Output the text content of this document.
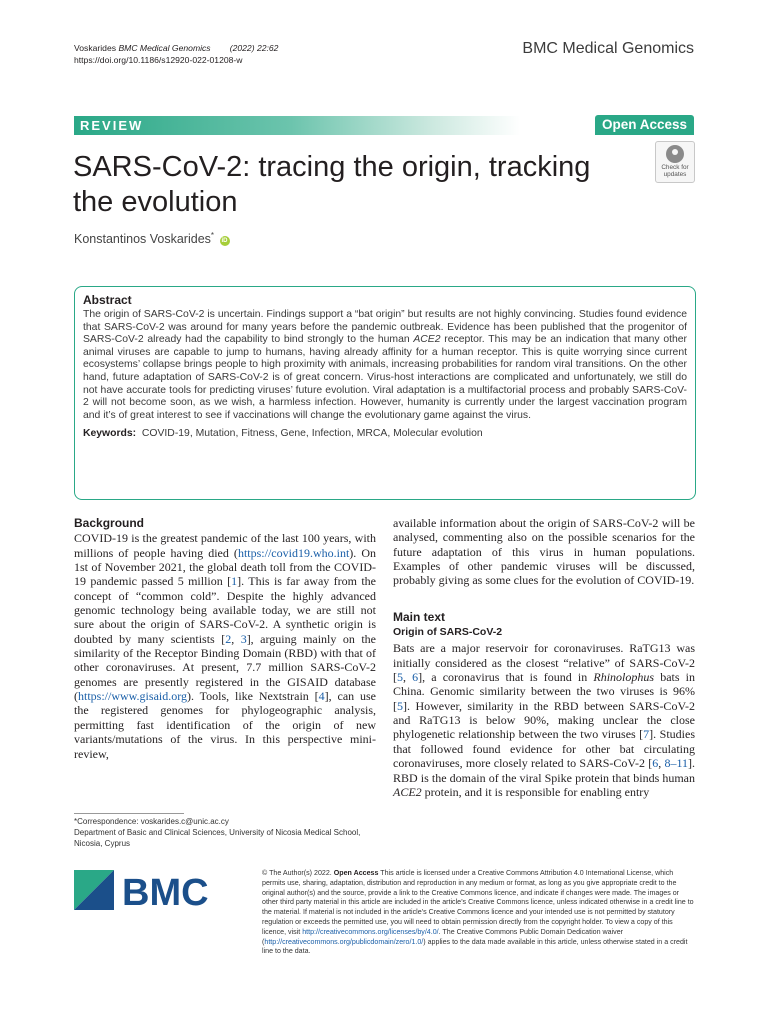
Voskarides BMC Medical Genomics (2022) 22:62
https://doi.org/10.1186/s12920-022-01208-w
BMC Medical Genomics
REVIEW	Open Access
SARS-CoV-2: tracing the origin, tracking the evolution
Check for
updates
Konstantinos Voskarides* iD
Abstract
The origin of SARS-CoV-2 is uncertain. Findings support a “bat origin” but results are not highly convincing. Studies found evidence that SARS-CoV-2 was around for many years before the pandemic outbreak. Evidence has been published that the progenitor of SARS-CoV-2 already had the capability to bind strongly to the human ACE2 receptor. This may be an indication that many other animal viruses are capable to jump to humans, having already affinity for a human receptor. This is quite worrying since current ecosystems’ collapse brings people to high proximity with animals, increasing probabilities for random viral transitions. On the other hand, future adaptation of SARS-CoV-2 is of great concern. Virus-host interactions are complicated and unfortunately, we still do not have accurate tools for predicting viruses’ future evolution. Viral adaptation is a multifactorial process and probably SARS-CoV-2 will not become soon, as we wish, a harmless infection. However, humanity is currently under the largest vaccination program and it’s of great interest to see if vaccinations will change the evolutionary game against the virus.
Keywords: COVID-19, Mutation, Fitness, Gene, Infection, MRCA, Molecular evolution
Background

COVID-19 is the greatest pandemic of the last 100 years, with millions of people having died (https://covid19.who.int). On 1st of November 2021, the global death toll from the COVID-19 pandemic passed 5 million [1]. This is far away from the concept of “common cold”. Despite the highly advanced genomic technology being available today, we are still not sure about the origin of SARS-CoV-2. A synthetic origin is doubted by many scientists [2, 3], arguing mainly on the similarity of the Receptor Binding Domain (RBD) with that of other coronaviruses. At present, 7.7 million SARS-CoV-2 genomes are presently registered in the GISAID database (https://www.gisaid.org). Tools, like Nextstrain [4], can use the registered genomes for phylogeographic analysis, permitting fast identification of the origin of new variants/mutations of the virus. In this perspective mini-review,

available information about the origin of SARS-CoV-2 will be analysed, commenting also on the possible scenarios for the future adaptation of this virus in human populations. Examples of other pandemic viruses will be discussed, probably giving as some clues for the evolution of COVID-19.

Main text
Origin of SARS-CoV-2

Bats are a major reservoir for coronaviruses. RaTG13 was initially considered as the closest “relative” of SARS-CoV-2 [5, 6], a coronavirus that is found in Rhinolophus bats in China. Genomic similarity between the two viruses is 96% [5]. However, similarity in the RBD between SARS-CoV-2 and RaTG13 is below 90%, making unclear the close phylogenetic relationship between the two viruses [7]. Studies that followed found evidence for other bat circulating coronaviruses, more closely related to SARS-CoV-2 [6, 8–11]. RBD is the domain of the viral Spike protein that binds human ACE2 protein, and it is responsible for enabling entry

*Correspondence: voskarides.c@unic.ac.cy
Department of Basic and Clinical Sciences, University of Nicosia Medical School, Nicosia, Cyprus
BMC	© The Author(s) 2022. Open Access This article is licensed under a Creative Commons Attribution 4.0 International License, which permits use, sharing, adaptation, distribution and reproduction in any medium or format, as long as you give appropriate credit to the original author(s) and the source, provide a link to the Creative Commons licence, and indicate if changes were made. The images or other third party material in this article are included in the article’s Creative Commons licence, unless indicated otherwise in a credit line to the material. If material is not included in the article’s Creative Commons licence and your intended use is not permitted by statutory regulation or exceeds the permitted use, you will need to obtain permission directly from the copyright holder. To view a copy of this licence, visit http://creativecommons.org/licenses/by/4.0/. The Creative Commons Public Domain Dedication waiver (http://creativecommons.org/publicdomain/zero/1.0/) applies to the data made available in this article, unless otherwise stated in a credit line to the data.
